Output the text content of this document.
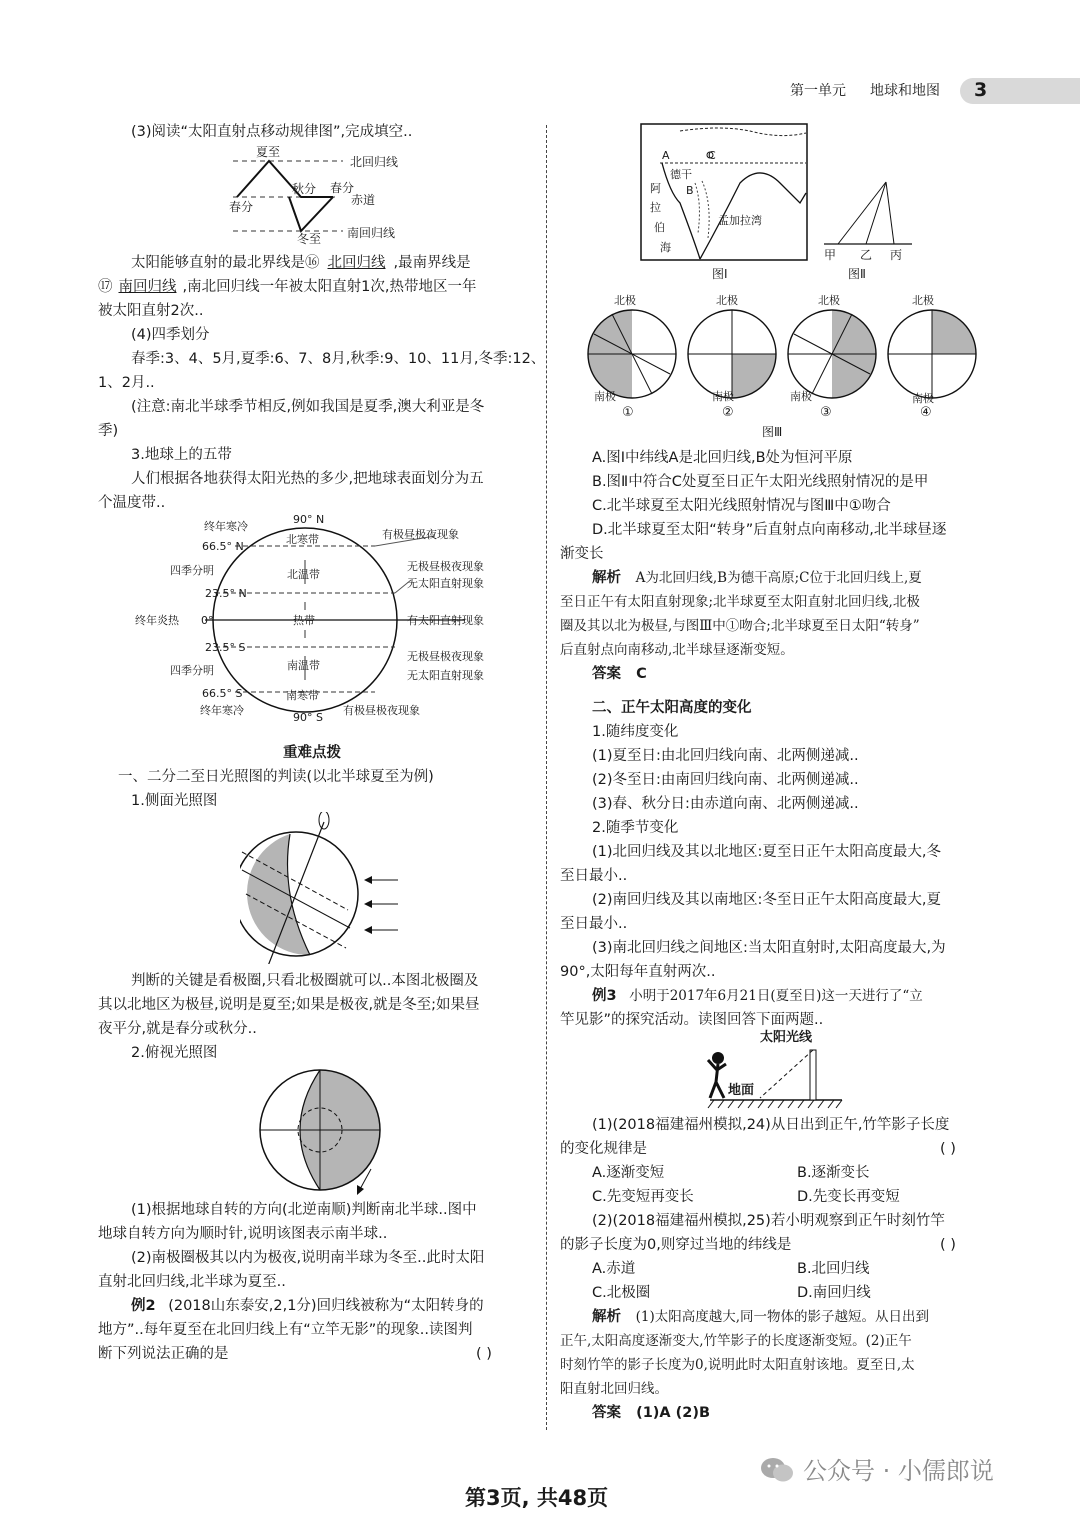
第一单元 地球和地图 3
(3)阅读“太阳直射点移动规律图”,完成填空..
夏至
北回归线
秋分 春分
赤道
春分
冬至 南回归线
太阳能够直射的最北界线是⑯ 北回归线 ,最南界线是
⑰ 南回归线 ,南北回归线一年被太阳直射1次,热带地区一年
被太阳直射2次..
(4)四季划分
春季:3、4、5月,夏季:6、7、8月,秋季:9、10、11月,冬季:12、
1、2月..
(注意:南北半球季节相反,例如我国是夏季,澳大利亚是冬
季)
3.地球上的五带
人们根据各地获得太阳光热的多少,把地球表面划分为五
个温度带..
90° N
66.5° N
23.5° N
0°
23.5° S
66.5° S
90° S
终年寒冷
四季分明
终年炎热
四季分明
终年寒冷
北寒带
北温带
热带
南温带
南寒带
有极昼极夜现象
无极昼极夜现象
无太阳直射现象
有太阳直射现象
无极昼极夜现象
无太阳直射现象
有极昼极夜现象
重难点拨
一、二分二至日光照图的判读(以北半球夏至为例)
1.侧面光照图
判断的关键是看极圈,只看北极圈就可以..本图北极圈及
其以北地区为极昼,说明是夏至;如果是极夜,就是冬至;如果昼
夜平分,就是春分或秋分..
2.俯视光照图
(1)根据地球自转的方向(北逆南顺)判断南北半球..图中
地球自转方向为顺时针,说明该图表示南半球..
(2)南极圈极其以内为极夜,说明南半球为冬至..此时太阳
直射北回归线,北半球为夏至..
例2 (2018山东泰安,2,1分)回归线被称为“太阳转身的
地方”..每年夏至在北回归线上有“立竿无影”的现象..读图判
断下列说法正确的是	( )
A	C
德干
B
阿
拉
伯
海
孟加拉湾
图Ⅰ
甲 乙 丙
图Ⅱ
北极	北极	北极	北极
南极	南极	南极	南极
①	②	③	④
图Ⅲ
A.图Ⅰ中纬线A是北回归线,B处为恒河平原
B.图Ⅱ中符合C处夏至日正午太阳光线照射情况的是甲
C.北半球夏至太阳光线照射情况与图Ⅲ中①吻合
D.北半球夏至太阳“转身”后直射点向南移动,北半球昼逐
渐变长
解析 A为北回归线,B为德干高原;C位于北回归线上,夏
至日正午有太阳直射现象;北半球夏至太阳直射北回归线,北极
圈及其以北为极昼,与图Ⅲ中①吻合;北半球夏至日太阳“转身”
后直射点向南移动,北半球昼逐渐变短。
答案 C
二、正午太阳高度的变化
1.随纬度变化
(1)夏至日:由北回归线向南、北两侧递减..
(2)冬至日:由南回归线向南、北两侧递减..
(3)春、秋分日:由赤道向南、北两侧递减..
2.随季节变化
(1)北回归线及其以北地区:夏至日正午太阳高度最大,冬
至日最小..
(2)南回归线及其以南地区:冬至日正午太阳高度最大,夏
至日最小..
(3)南北回归线之间地区:当太阳直射时,太阳高度最大,为
90°,太阳每年直射两次..
例3 小明于2017年6月21日(夏至日)这一天进行了“立
竿见影”的探究活动。读图回答下面两题..
太阳光线
地面
(1)(2018福建福州模拟,24)从日出到正午,竹竿影子长度
的变化规律是	( )
A.逐渐变短	B.逐渐变长
C.先变短再变长	D.先变长再变短
(2)(2018福建福州模拟,25)若小明观察到正午时刻竹竿
的影子长度为0,则穿过当地的纬线是	( )
A.赤道	B.北回归线
C.北极圈	D.南回归线
解析 (1)太阳高度越大,同一物体的影子越短。从日出到
正午,太阳高度逐渐变大,竹竿影子的长度逐渐变短。(2)正午
时刻竹竿的影子长度为0,说明此时太阳直射该地。夏至日,太
阳直射北回归线。
答案 (1)A (2)B
公众号 · 小儒郎说
第3页, 共48页
